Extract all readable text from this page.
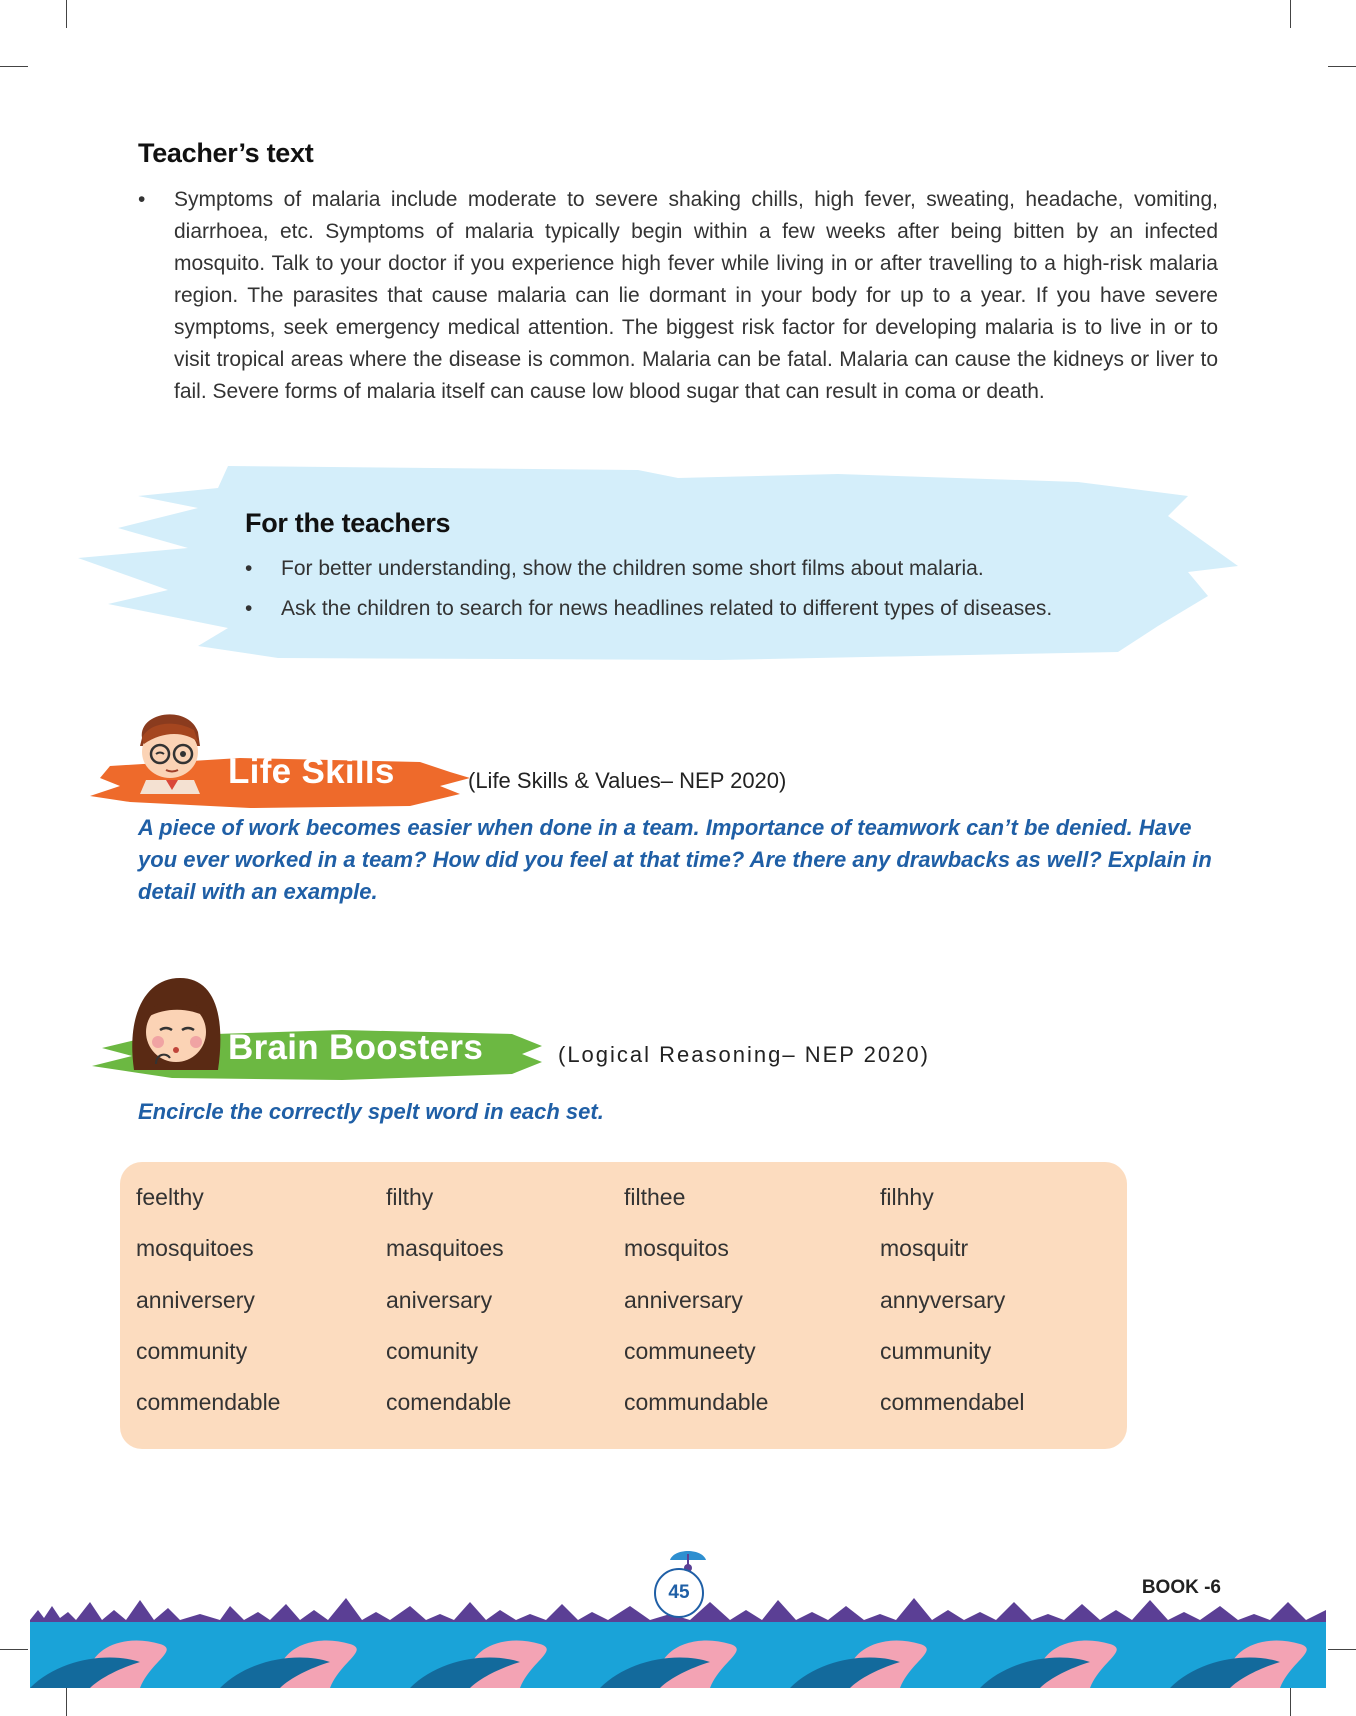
Teacher’s text
• Symptoms of malaria include moderate to severe shaking chills, high fever, sweating, headache, vomiting, diarrhoea, etc. Symptoms of malaria typically begin within a few weeks after being bitten by an infected mosquito. Talk to your doctor if you experience high fever while living in or after travelling to a high-risk malaria region. The parasites that cause malaria can lie dormant in your body for up to a year. If you have severe symptoms, seek emergency medical attention. The biggest risk factor for developing malaria is to live in or to visit tropical areas where the disease is common. Malaria can be fatal. Malaria can cause the kidneys or liver to fail. Severe forms of malaria itself can cause low blood sugar that can result in coma or death.
For the teachers
• For better understanding, show the children some short films about malaria.
• Ask the children to search for news headlines related to different types of diseases.
Life Skills	(Life Skills & Values– NEP 2020)

A piece of work becomes easier when done in a team. Importance of teamwork can’t be denied. Have you ever worked in a team? How did you feel at that time? Are there any drawbacks as well? Explain in detail with an example.

Brain Boosters	(Logical Reasoning– NEP 2020)

Encircle the correctly spelt word in each set.

feelthy	filthy	filthee	filhhy
mosquitoes	masquitoes	mosquitos	mosquitr
anniversery	aniversary	anniversary	annyversary
community	comunity	communeety	cummunity
commendable	comendable	commundable	commendabel
45	BOOK -6
